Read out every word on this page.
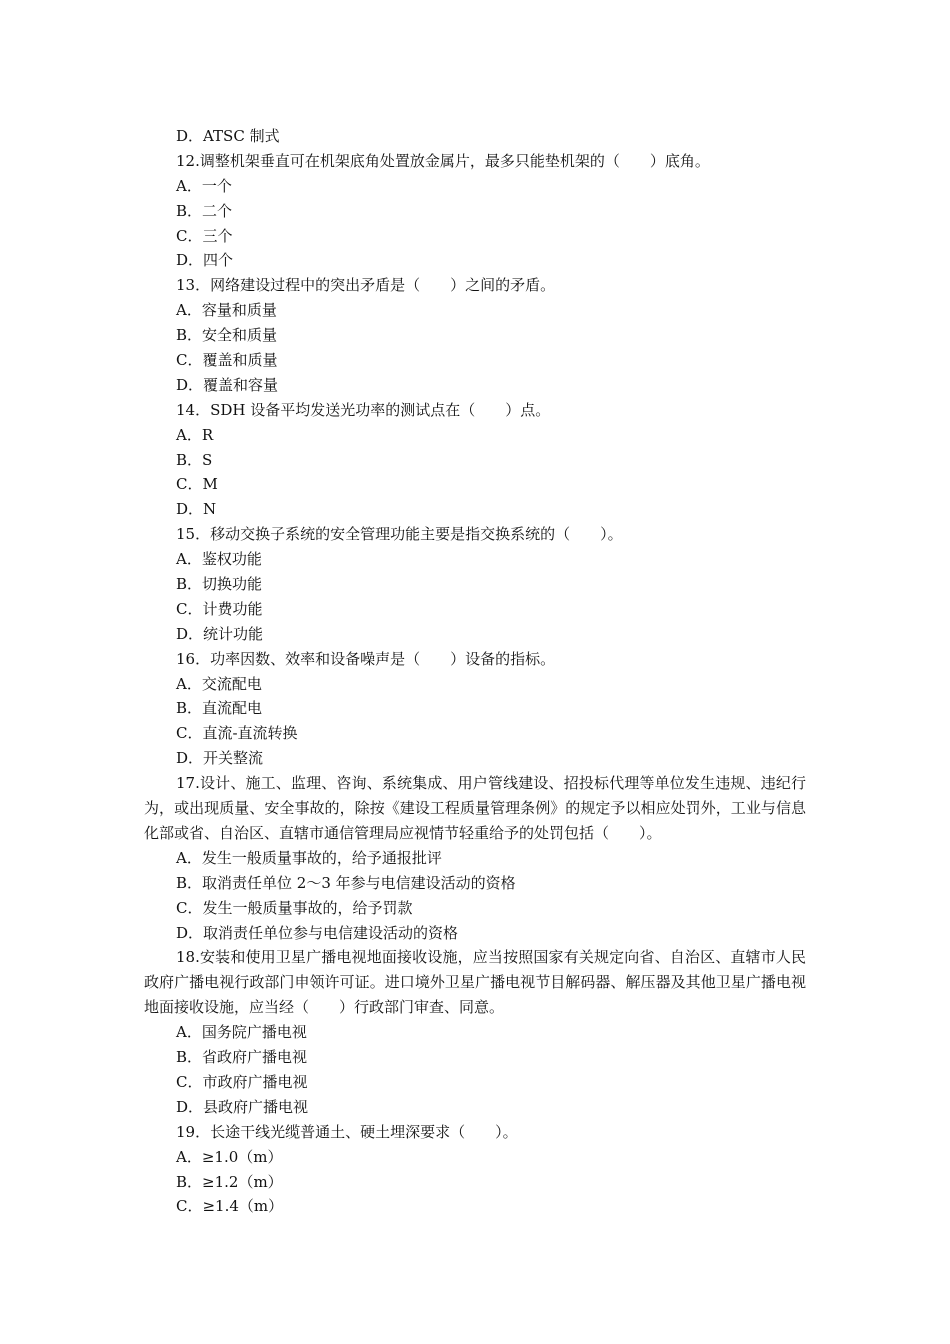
D．ATSC 制式
12.调整机架垂直可在机架底角处置放金属片，最多只能垫机架的（　　）底角。
A．一个
B．二个
C．三个
D．四个
13．网络建设过程中的突出矛盾是（　　）之间的矛盾。
A．容量和质量
B．安全和质量
C．覆盖和质量
D．覆盖和容量
14．SDH 设备平均发送光功率的测试点在（　　）点。
A．R
B．S
C．M
D．N
15．移动交换子系统的安全管理功能主要是指交换系统的（　　）。
A．鉴权功能
B．切换功能
C．计费功能
D．统计功能
16．功率因数、效率和设备噪声是（　　）设备的指标。
A．交流配电
B．直流配电
C．直流-直流转换
D．开关整流
17.设计、施工、监理、咨询、系统集成、用户管线建设、招投标代理等单位发生违规、违纪行为，或出现质量、安全事故的，除按《建设工程质量管理条例》的规定予以相应处罚外，工业与信息化部或省、自治区、直辖市通信管理局应视情节轻重给予的处罚包括（　　）。
A．发生一般质量事故的，给予通报批评
B．取消责任单位 2～3 年参与电信建设活动的资格
C．发生一般质量事故的，给予罚款
D．取消责任单位参与电信建设活动的资格
18.安装和使用卫星广播电视地面接收设施，应当按照国家有关规定向省、自治区、直辖市人民政府广播电视行政部门申领许可证。进口境外卫星广播电视节目解码器、解压器及其他卫星广播电视地面接收设施，应当经（　　）行政部门审查、同意。
A．国务院广播电视
B．省政府广播电视
C．市政府广播电视
D．县政府广播电视
19．长途干线光缆普通土、硬土埋深要求（　　）。
A．≥1.0（m）
B．≥1.2（m）
C．≥1.4（m）
